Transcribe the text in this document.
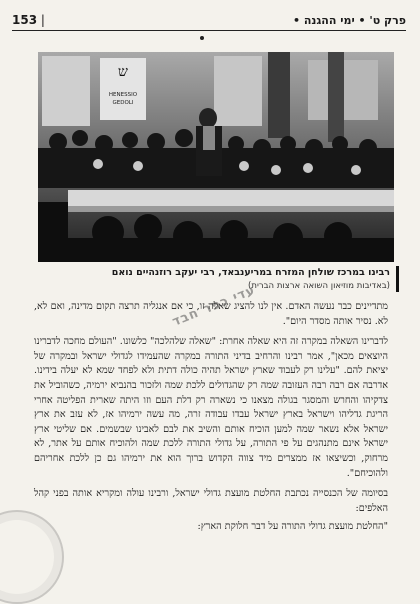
153 |	פרק ט' • ימי ההגנה •
ש
HENESSIO
GEDOLI
רבינו במרכז שולחן המזרח במריענבאד, רבי יעקב רוזנהיים נואם
(באדיבות מוזיאון השואה ארצות הברית)
עדי כפר חבד

מתדיינים כבר נעשה האדם. אין לנו להציג שאלה זו, כי אם אנגליה תרצה תקום מדינה, ואם לא, לא. נסיר אותה מסדר היום".

לדברינו השאלה במקרה זה היא שאלה אחרת: "שאלה שלהלכה" כלשונו. "העולם מחכה לדברינו היוצאים מכאן", אמר רבינו והרחיב בדיני התורה במקרה שהעמידו לגדולי ישראל ובמקרה של יציאת להם. "עלינו רק לעבוד שארץ ישראל תהיה כולה דתית ולא לפחד שמא לא יעלה בידינו. אדרבה אם רבה רבה העזובה שמה רק שהגדולים ללכת שמה ולזכור בהנביא ירמיה, כשהוביל את צדקיהו והחרש והמסגר בגולה מצאנו כי נשארה רק דלת העם וזו היתה שארית הפליטה אחרי הריגת גדליהו וישראל בארץ ישראל עבדו עבודה זרה, מה עשה ירמיהו אז, לא עזב את ארץ ישראל אלא נשאר שמה למען הוכיח אותם והשיב את לבם לאבינו שבשמים. אם שליטי ארץ ישראל אינם מתנהגים על פי התורה, על גדולי התורה ללכת שמה ולהוכיח אותם על אתר, לא מרחוק, וכשיצאו אז ממצרים מיד צווה הקדוש ברוך הוא את ירמיהו גם כן ללכת אחריהם ולהוכיחם".

בסיומה של הכנסייה נכתבת החלטת מועצת גדולי ישראל, ורבינו עולה ומקריא אותה בפני קהל האלפים:

"החלטת מועצת גדולי התורה על דבר חלוקת הארץ:
